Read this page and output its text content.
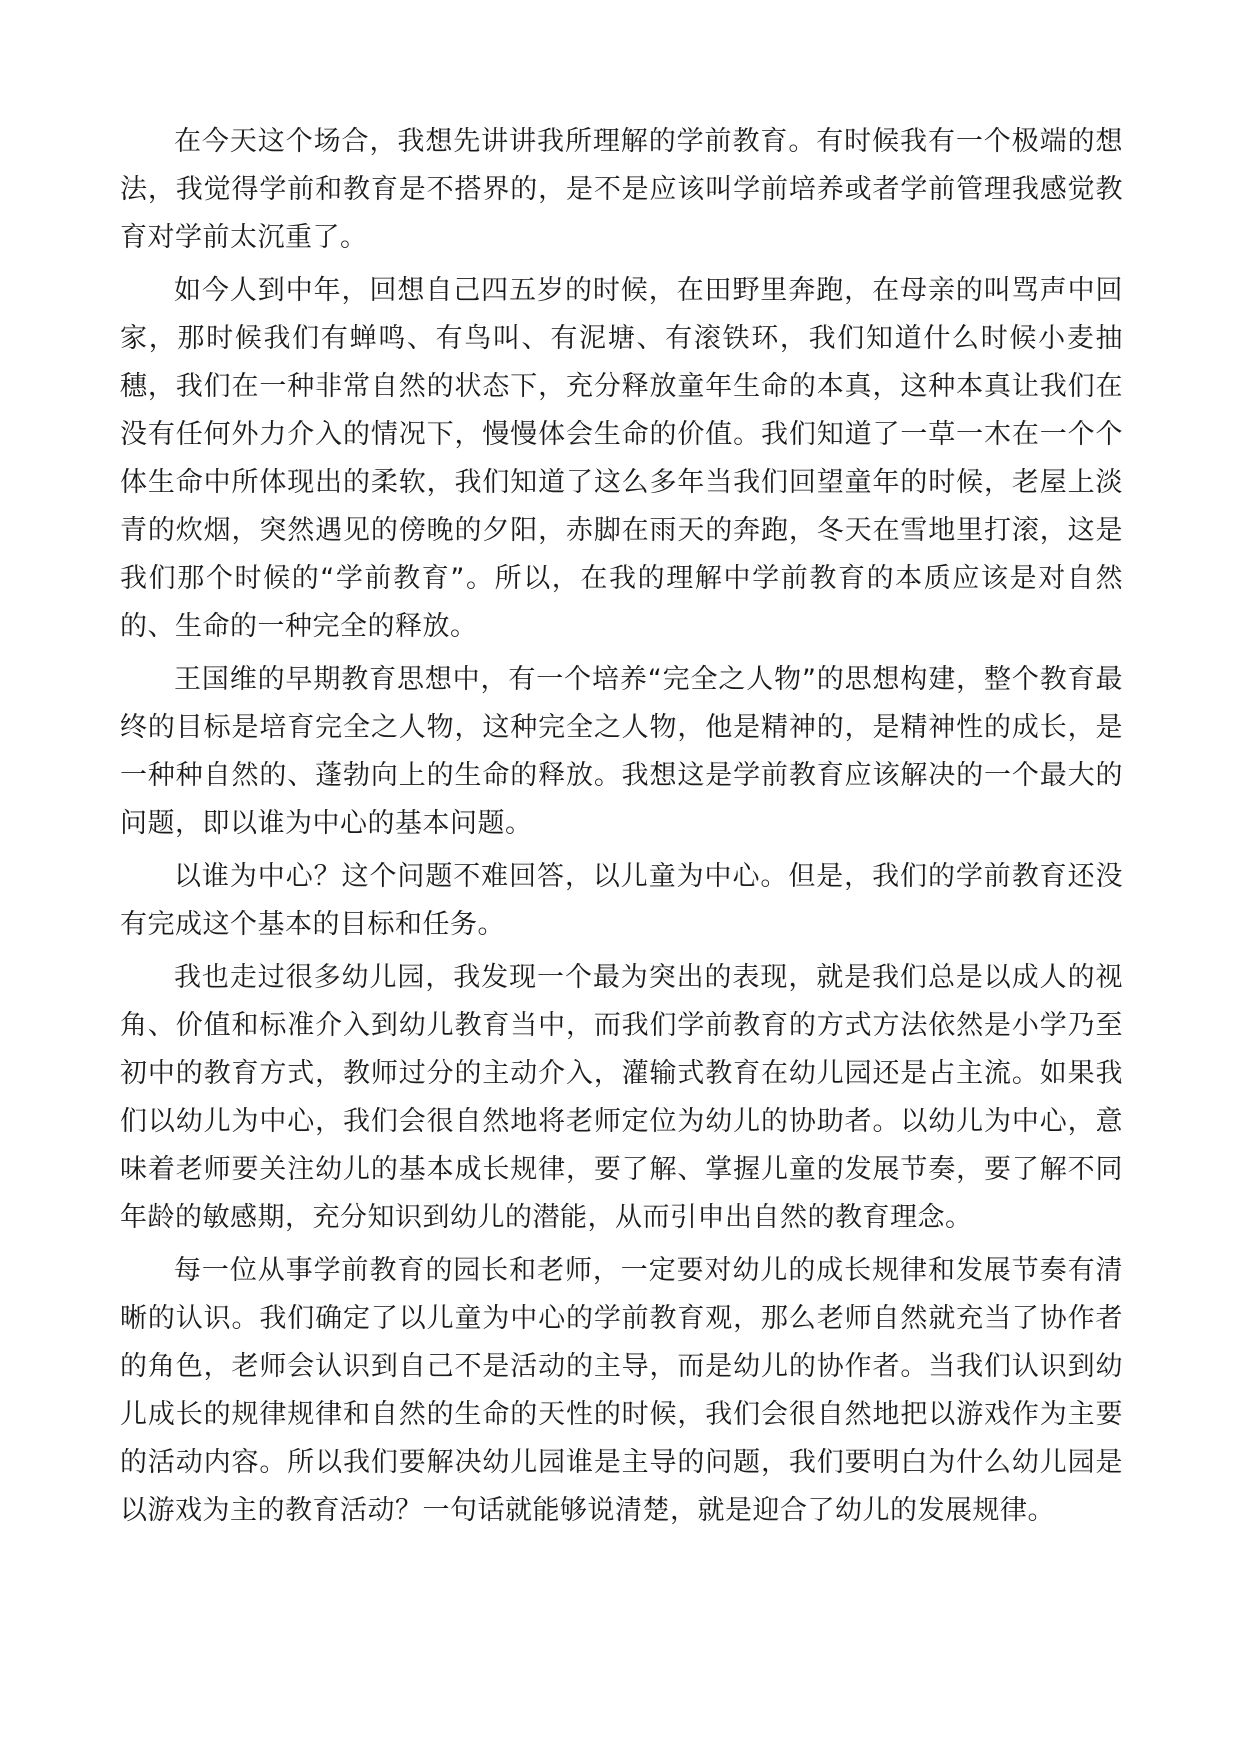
在今天这个场合，我想先讲讲我所理解的学前教育。有时候我有一个极端的想法，我觉得学前和教育是不搭界的，是不是应该叫学前培养或者学前管理我感觉教育对学前太沉重了。

如今人到中年，回想自己四五岁的时候，在田野里奔跑，在母亲的叫骂声中回家，那时候我们有蝉鸣、有鸟叫、有泥塘、有滚铁环，我们知道什么时候小麦抽穗，我们在一种非常自然的状态下，充分释放童年生命的本真，这种本真让我们在没有任何外力介入的情况下，慢慢体会生命的价值。我们知道了一草一木在一个个体生命中所体现出的柔软，我们知道了这么多年当我们回望童年的时候，老屋上淡青的炊烟，突然遇见的傍晚的夕阳，赤脚在雨天的奔跑，冬天在雪地里打滚，这是我们那个时候的“学前教育”。所以，在我的理解中学前教育的本质应该是对自然的、生命的一种完全的释放。

王国维的早期教育思想中，有一个培养“完全之人物”的思想构建，整个教育最终的目标是培育完全之人物，这种完全之人物，他是精神的，是精神性的成长，是一种种自然的、蓬勃向上的生命的释放。我想这是学前教育应该解决的一个最大的问题，即以谁为中心的基本问题。

以谁为中心？这个问题不难回答，以儿童为中心。但是，我们的学前教育还没有完成这个基本的目标和任务。

我也走过很多幼儿园，我发现一个最为突出的表现，就是我们总是以成人的视角、价值和标准介入到幼儿教育当中，而我们学前教育的方式方法依然是小学乃至初中的教育方式，教师过分的主动介入，灌输式教育在幼儿园还是占主流。如果我们以幼儿为中心，我们会很自然地将老师定位为幼儿的协助者。以幼儿为中心，意味着老师要关注幼儿的基本成长规律，要了解、掌握儿童的发展节奏，要了解不同年龄的敏感期，充分知识到幼儿的潜能，从而引申出自然的教育理念。

每一位从事学前教育的园长和老师，一定要对幼儿的成长规律和发展节奏有清晰的认识。我们确定了以儿童为中心的学前教育观，那么老师自然就充当了协作者的角色，老师会认识到自己不是活动的主导，而是幼儿的协作者。当我们认识到幼儿成长的规律规律和自然的生命的天性的时候，我们会很自然地把以游戏作为主要的活动内容。所以我们要解决幼儿园谁是主导的问题，我们要明白为什么幼儿园是以游戏为主的教育活动？一句话就能够说清楚，就是迎合了幼儿的发展规律。
